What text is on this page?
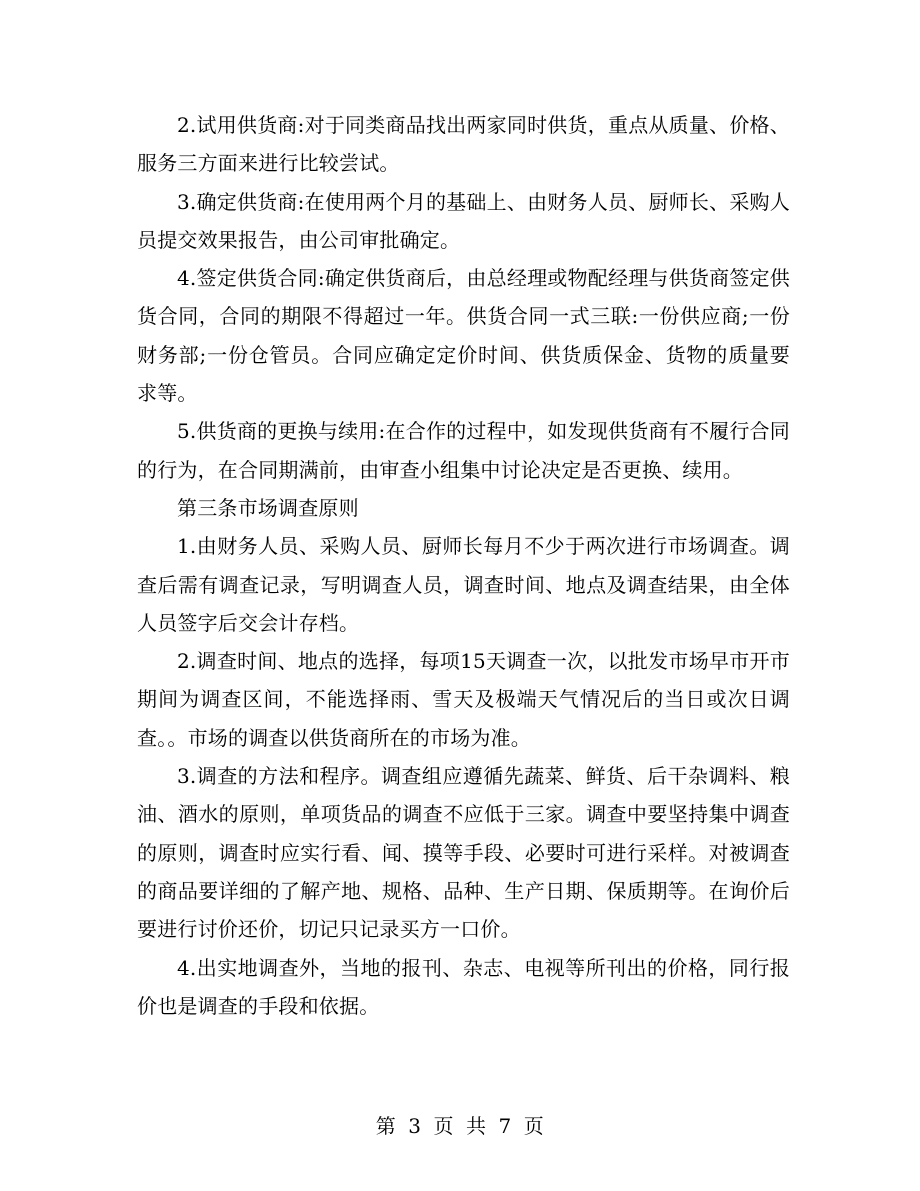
2.试用供货商:对于同类商品找出两家同时供货，重点从质量、价格、服务三方面来进行比较尝试。

3.确定供货商:在使用两个月的基础上、由财务人员、厨师长、采购人员提交效果报告，由公司审批确定。

4.签定供货合同:确定供货商后，由总经理或物配经理与供货商签定供货合同，合同的期限不得超过一年。供货合同一式三联:一份供应商;一份财务部;一份仓管员。合同应确定定价时间、供货质保金、货物的质量要求等。

5.供货商的更换与续用:在合作的过程中，如发现供货商有不履行合同的行为，在合同期满前，由审查小组集中讨论决定是否更换、续用。

第三条市场调查原则

1.由财务人员、采购人员、厨师长每月不少于两次进行市场调查。调查后需有调查记录，写明调查人员，调查时间、地点及调查结果，由全体人员签字后交会计存档。

2.调查时间、地点的选择，每项15天调查一次，以批发市场早市开市期间为调查区间，不能选择雨、雪天及极端天气情况后的当日或次日调查。。市场的调查以供货商所在的市场为准。

3.调查的方法和程序。调查组应遵循先蔬菜、鲜货、后干杂调料、粮油、酒水的原则，单项货品的调查不应低于三家。调查中要坚持集中调查的原则，调查时应实行看、闻、摸等手段、必要时可进行采样。对被调查的商品要详细的了解产地、规格、品种、生产日期、保质期等。在询价后要进行讨价还价，切记只记录买方一口价。

4.出实地调查外，当地的报刊、杂志、电视等所刊出的价格，同行报价也是调查的手段和依据。

第 3 页 共 7 页
